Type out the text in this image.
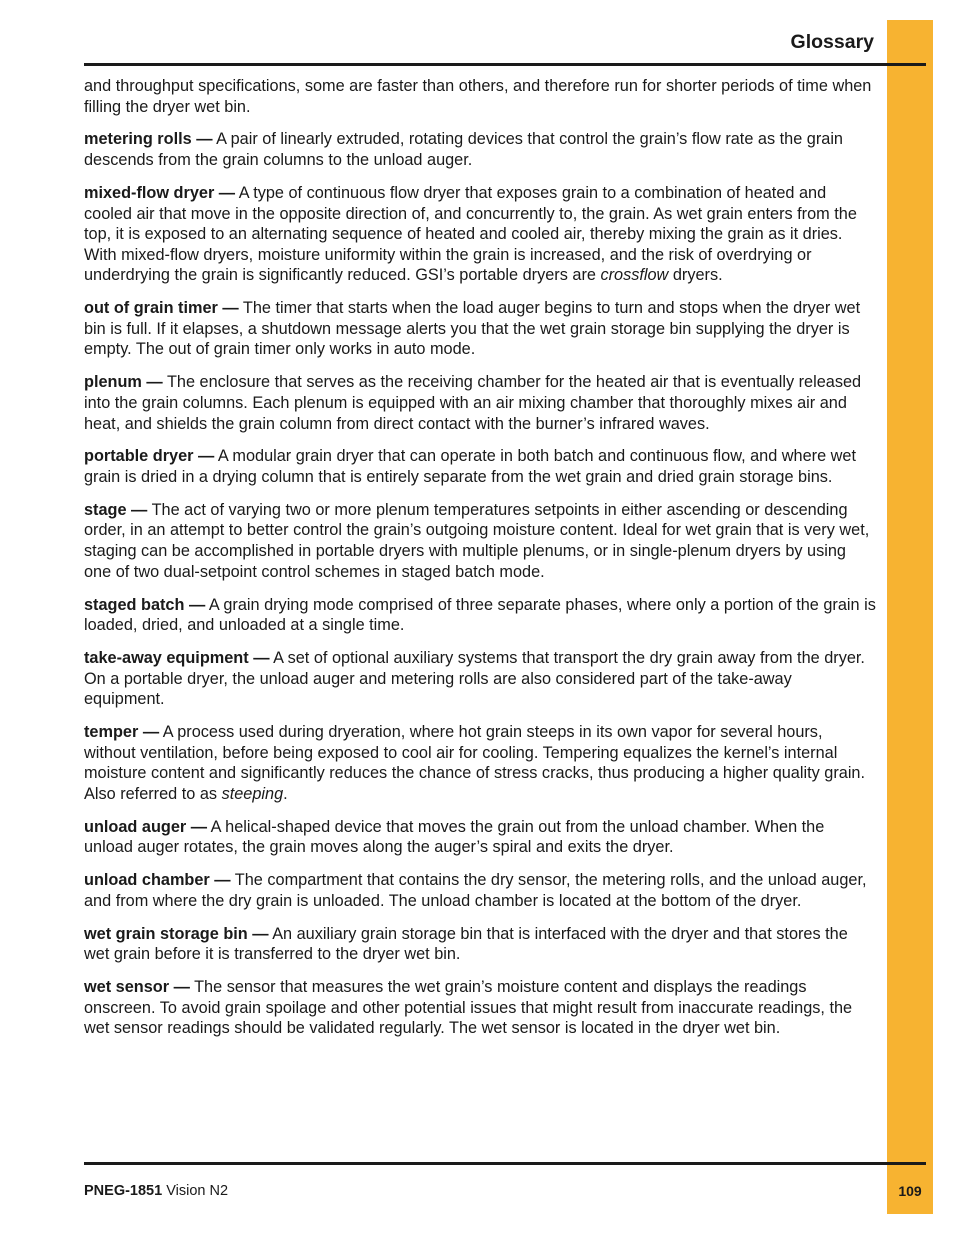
Glossary

and throughput specifications, some are faster than others, and therefore run for shorter periods of time when filling the dryer wet bin.

metering rolls — A pair of linearly extruded, rotating devices that control the grain’s flow rate as the grain descends from the grain columns to the unload auger.

mixed-flow dryer — A type of continuous flow dryer that exposes grain to a combination of heated and cooled air that move in the opposite direction of, and concurrently to, the grain. As wet grain enters from the top, it is exposed to an alternating sequence of heated and cooled air, thereby mixing the grain as it dries. With mixed-flow dryers, moisture uniformity within the grain is increased, and the risk of overdrying or underdrying the grain is significantly reduced. GSI’s portable dryers are crossflow dryers.

out of grain timer — The timer that starts when the load auger begins to turn and stops when the dryer wet bin is full. If it elapses, a shutdown message alerts you that the wet grain storage bin supplying the dryer is empty. The out of grain timer only works in auto mode.

plenum — The enclosure that serves as the receiving chamber for the heated air that is eventually released into the grain columns. Each plenum is equipped with an air mixing chamber that thoroughly mixes air and heat, and shields the grain column from direct contact with the burner’s infrared waves.

portable dryer — A modular grain dryer that can operate in both batch and continuous flow, and where wet grain is dried in a drying column that is entirely separate from the wet grain and dried grain storage bins.

stage — The act of varying two or more plenum temperatures setpoints in either ascending or descending order, in an attempt to better control the grain’s outgoing moisture content. Ideal for wet grain that is very wet, staging can be accomplished in portable dryers with multiple plenums, or in single-plenum dryers by using one of two dual-setpoint control schemes in staged batch mode.

staged batch — A grain drying mode comprised of three separate phases, where only a portion of the grain is loaded, dried, and unloaded at a single time.

take-away equipment — A set of optional auxiliary systems that transport the dry grain away from the dryer. On a portable dryer, the unload auger and metering rolls are also considered part of the take-away equipment.

temper — A process used during dryeration, where hot grain steeps in its own vapor for several hours, without ventilation, before being exposed to cool air for cooling. Tempering equalizes the kernel’s internal moisture content and significantly reduces the chance of stress cracks, thus producing a higher quality grain. Also referred to as steeping.

unload auger — A helical-shaped device that moves the grain out from the unload chamber. When the unload auger rotates, the grain moves along the auger’s spiral and exits the dryer.

unload chamber — The compartment that contains the dry sensor, the metering rolls, and the unload auger, and from where the dry grain is unloaded. The unload chamber is located at the bottom of the dryer.

wet grain storage bin — An auxiliary grain storage bin that is interfaced with the dryer and that stores the wet grain before it is transferred to the dryer wet bin.

wet sensor — The sensor that measures the wet grain’s moisture content and displays the readings onscreen. To avoid grain spoilage and other potential issues that might result from inaccurate readings, the wet sensor readings should be validated regularly. The wet sensor is located in the dryer wet bin.

PNEG-1851 Vision N2	109
